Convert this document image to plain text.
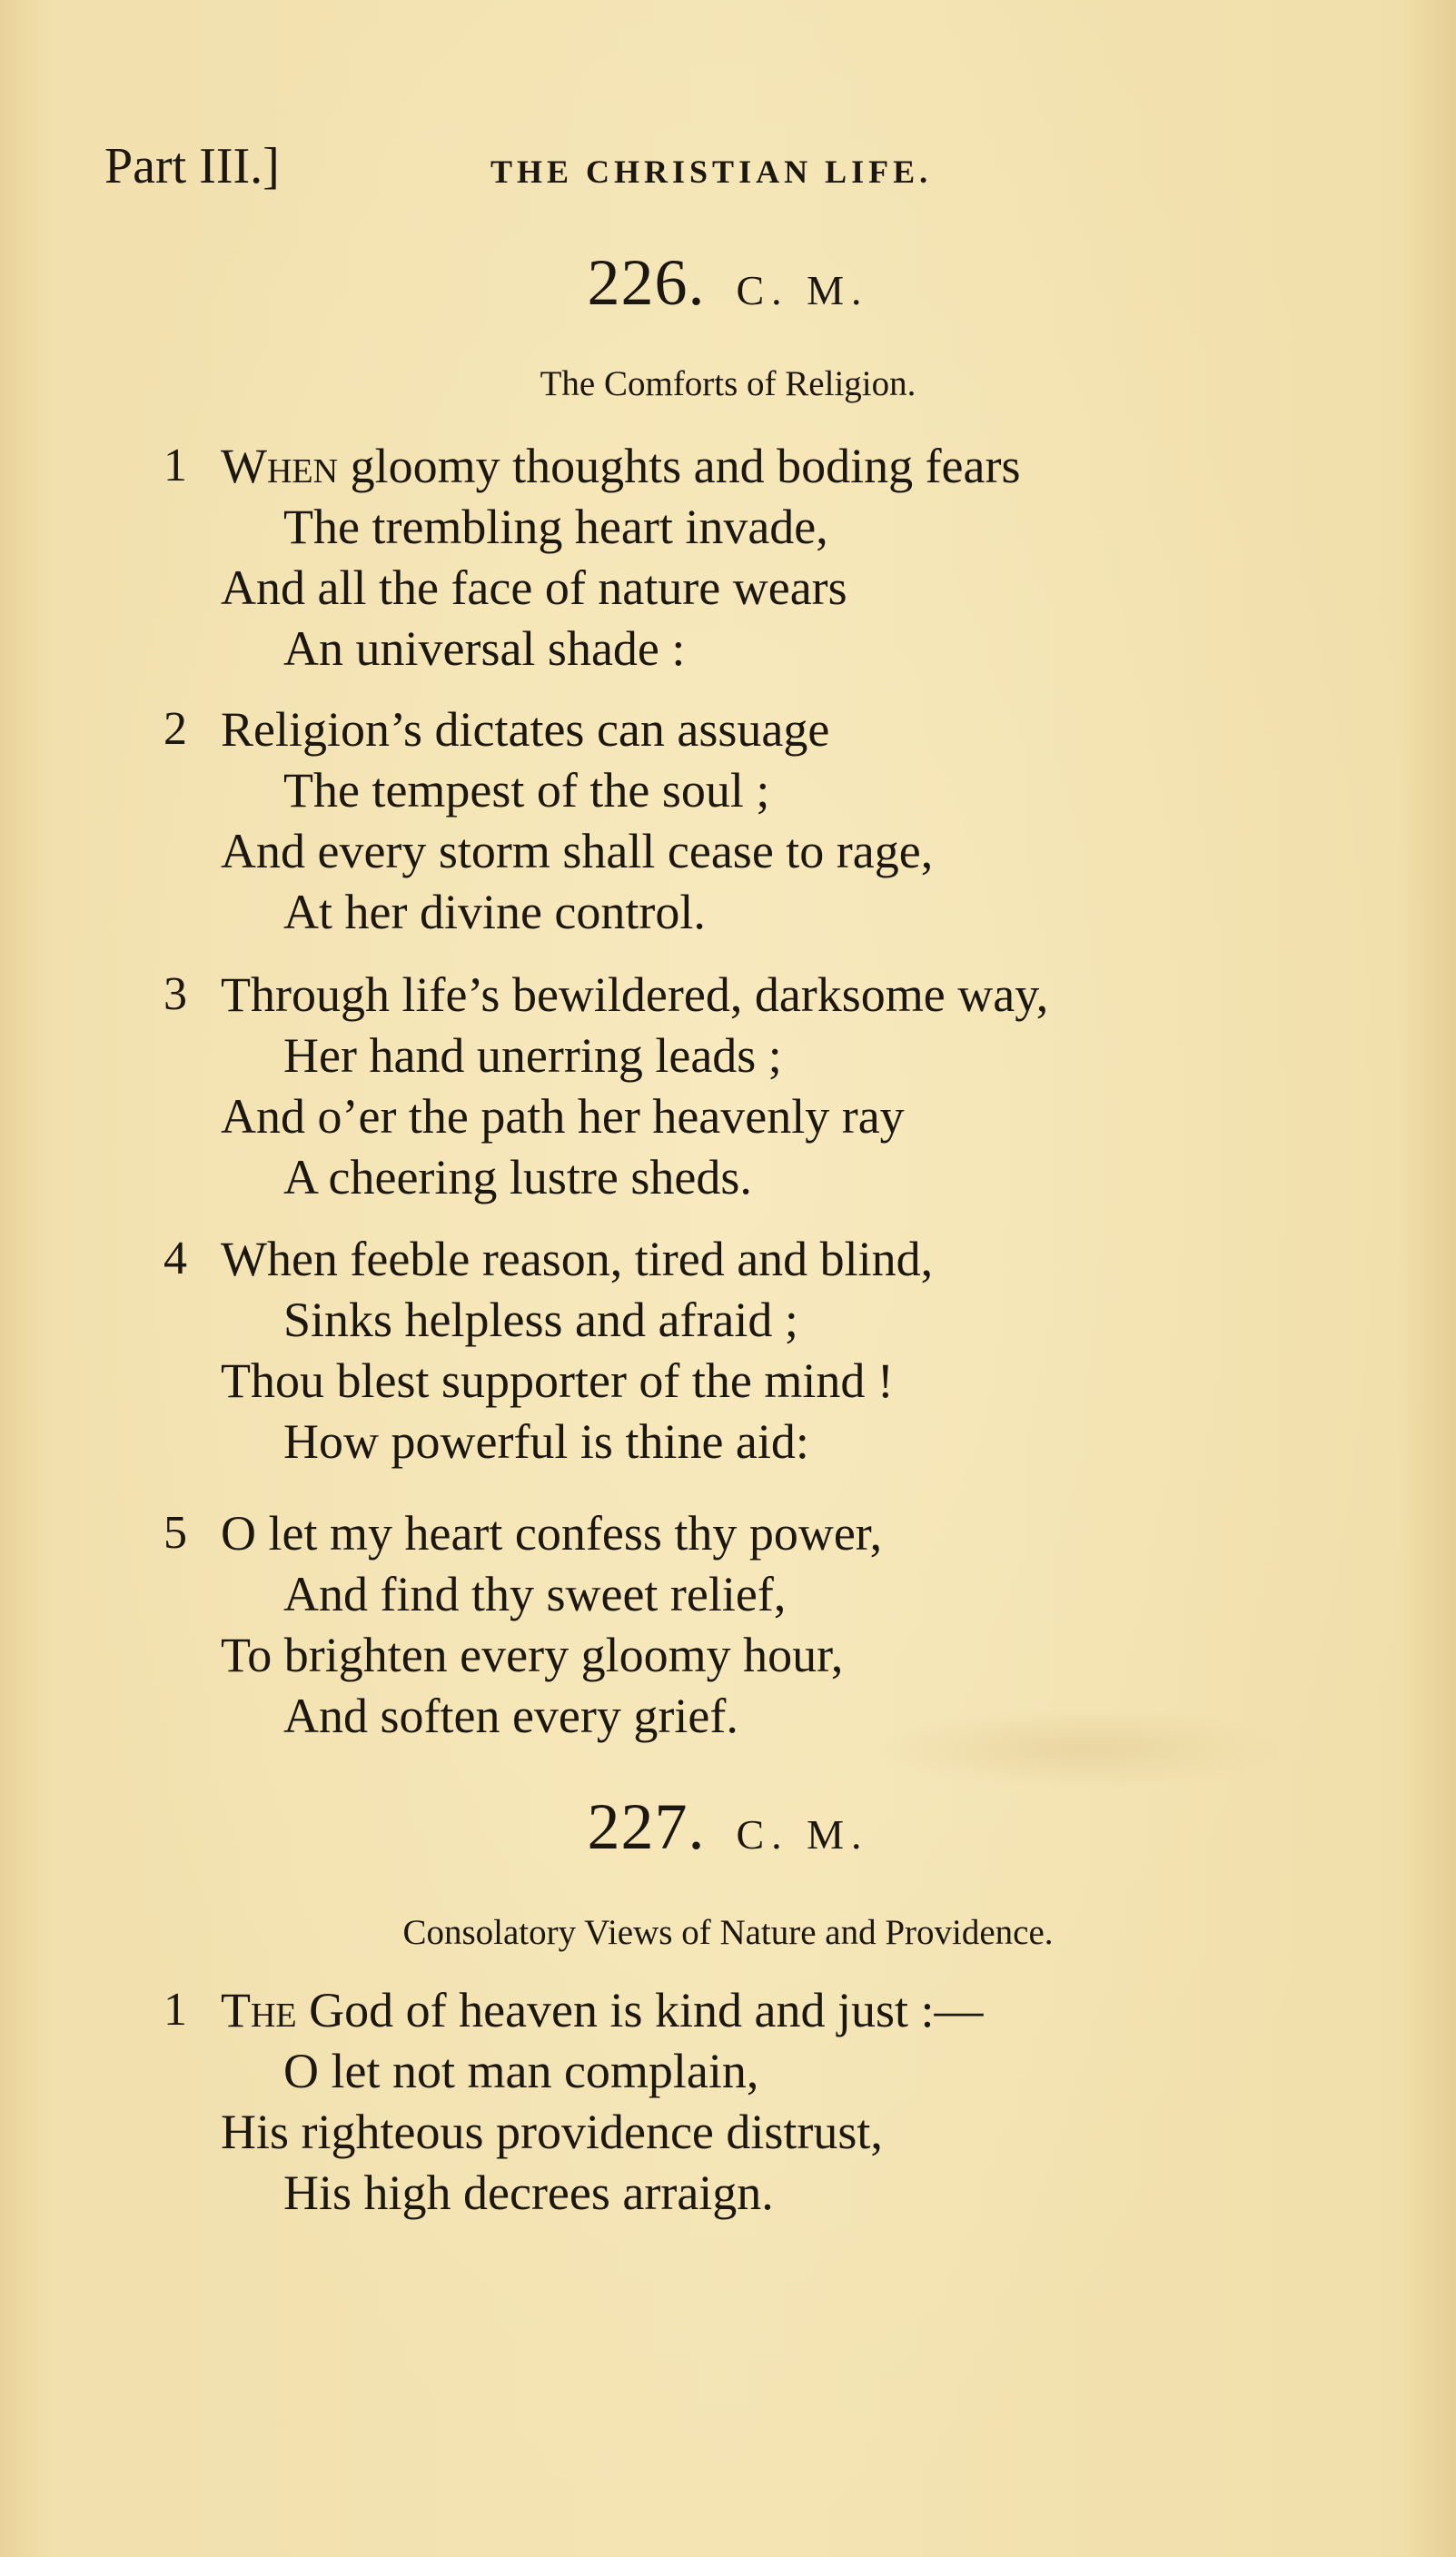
Part III.]	THE CHRISTIAN LIFE.
226. C. M.
The Comforts of Religion.
1 When gloomy thoughts and boding fears
The trembling heart invade,
And all the face of nature wears
An universal shade :
2 Religion’s dictates can assuage
The tempest of the soul ;
And every storm shall cease to rage,
At her divine control.
3 Through life’s bewildered, darksome way,
Her hand unerring leads ;
And o’er the path her heavenly ray
A cheering lustre sheds.
4 When feeble reason, tired and blind,
Sinks helpless and afraid ;
Thou blest supporter of the mind !
How powerful is thine aid:
5 O let my heart confess thy power,
And find thy sweet relief,
To brighten every gloomy hour,
And soften every grief.
227. C. M.
Consolatory Views of Nature and Providence.
1 The God of heaven is kind and just :—
O let not man complain,
His righteous providence distrust,
His high decrees arraign.
